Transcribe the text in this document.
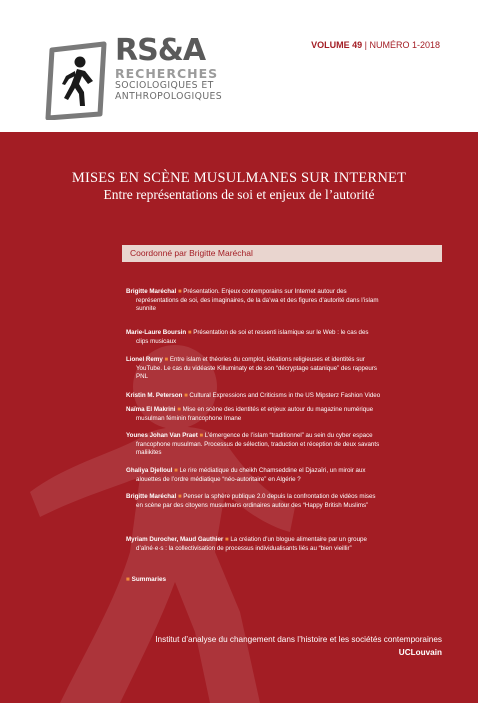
RS&A
RECHERCHES
SOCIOLOGIQUES ET
ANTHROPOLOGIQUES
VOLUME 49 | NUMÉRO 1-2018
MISES EN SCÈNE MUSULMANES SUR INTERNET
Entre représentations de soi et enjeux de l’autorité
Coordonné par Brigitte Maréchal
Brigitte Maréchal ■ Présentation. Enjeux contemporains sur Internet autour des
représentations de soi, des imaginaires, de la da’wa et des figures d’autorité dans l’islam
sunnite
Marie-Laure Boursin ■ Présentation de soi et ressenti islamique sur le Web : le cas des
clips musicaux
Lionel Remy ■ Entre islam et théories du complot, idéations religieuses et identités sur
YouTube. Le cas du vidéaste Killuminaty et de son “décryptage satanique” des rappeurs
PNL
Kristin M. Peterson ■ Cultural Expressions and Criticisms in the US Mipsterz Fashion Video
Naïma El Makrini ■ Mise en scène des identités et enjeux autour du magazine numérique
musulman féminin francophone Imane
Younes Johan Van Praet ■ L’émergence de l’islam “traditionnel” au sein du cyber espace
francophone musulman. Processus de sélection, traduction et réception de deux savants
maliikites
Ghaliya Djelloul ■ Le rire médiatique du cheikh Chamseddine el Djazaïri, un miroir aux
alouettes de l’ordre médiatique “néo-autoritaire” en Algérie ?
Brigitte Maréchal ■ Penser la sphère publique 2.0 depuis la confrontation de vidéos mises
en scène par des citoyens musulmans ordinaires autour des “Happy British Muslims”
Myriam Durocher, Maud Gauthier ■ La création d’un blogue alimentaire par un groupe
d’aîné·e·s : la collectivisation de processus individualisants liés au “bien vieillir”
■ Summaries
Institut d’analyse du changement dans l’histoire et les sociétés contemporaines
UCLouvain
